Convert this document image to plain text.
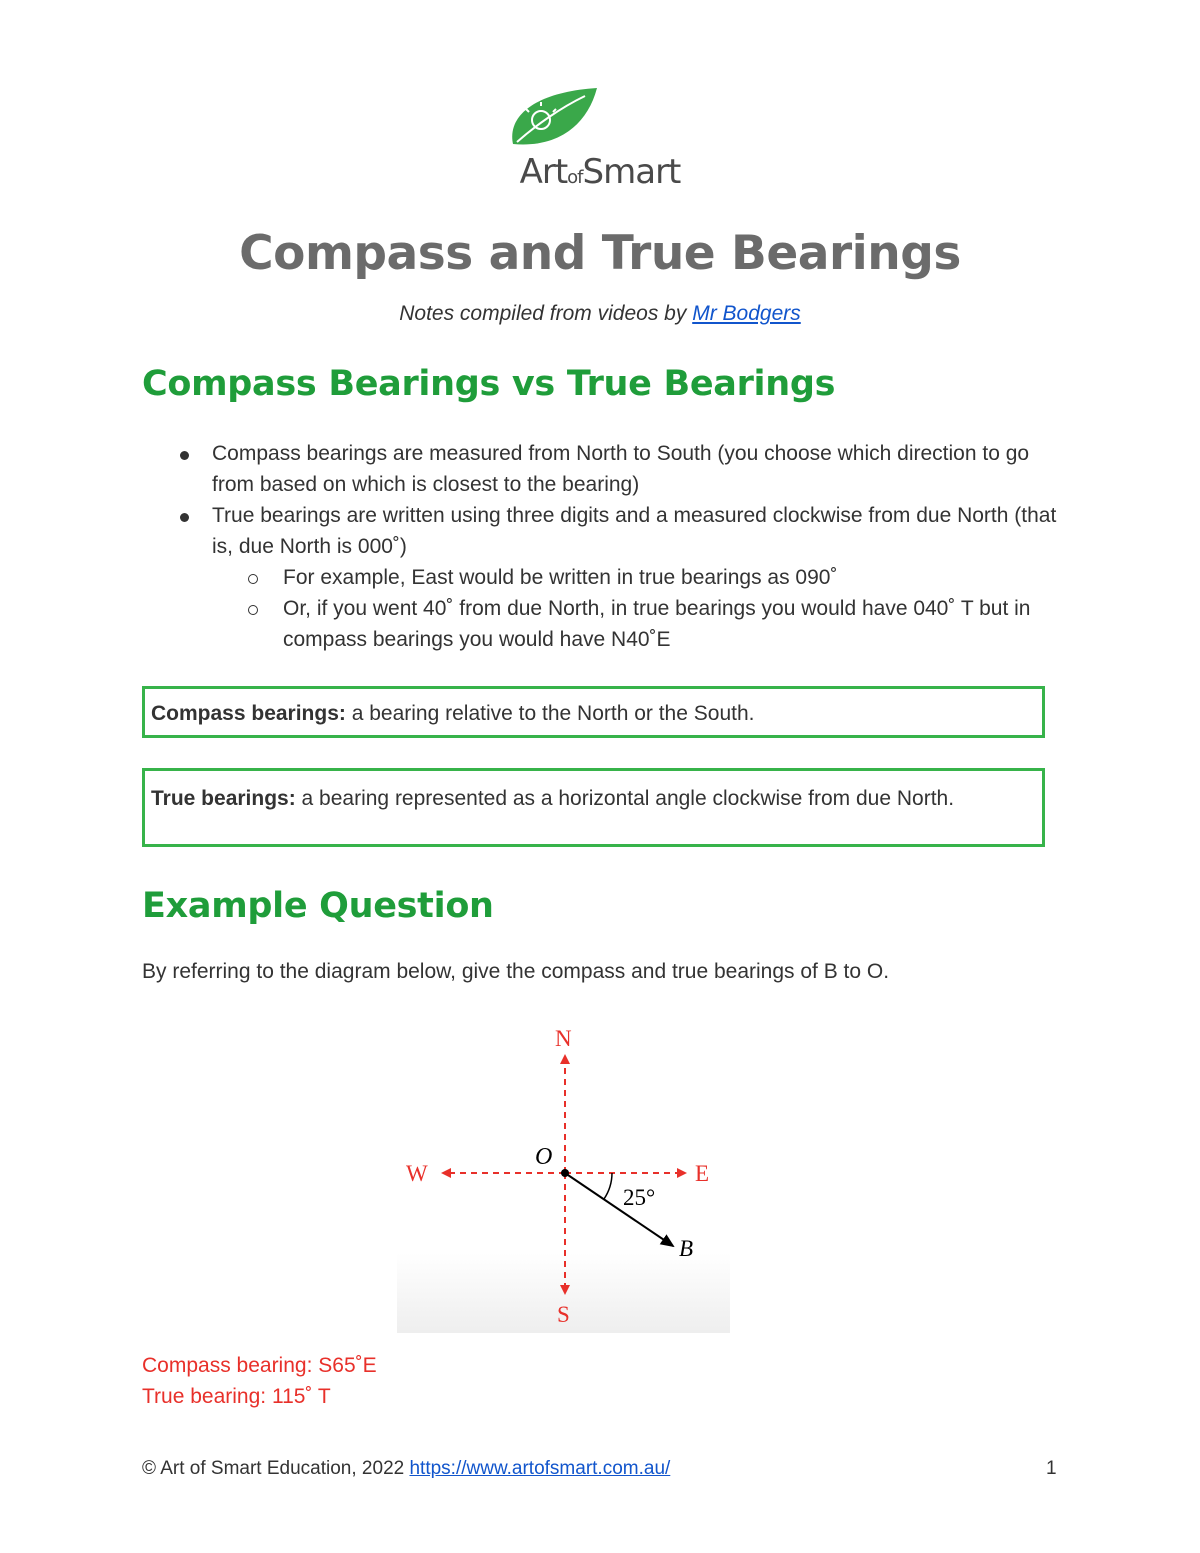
ArtofSmart
Compass and True Bearings
Notes compiled from videos by Mr Bodgers
Compass Bearings vs True Bearings
Compass bearings are measured from North to South (you choose which direction to go from based on which is closest to the bearing)
True bearings are written using three digits and a measured clockwise from due North (that is, due North is 000˚)
For example, East would be written in true bearings as 090˚
Or, if you went 40˚ from due North, in true bearings you would have 040˚ T but in compass bearings you would have N40˚E
Compass bearings: a bearing relative to the North or the South.
True bearings: a bearing represented as a horizontal angle clockwise from due North.
Example Question
By referring to the diagram below, give the compass and true bearings of B to O.
N
S
E
W
O
B
25°
Compass bearing: S65˚E
True bearing: 115˚ T
© Art of Smart Education, 2022 https://www.artofsmart.com.au/	1
